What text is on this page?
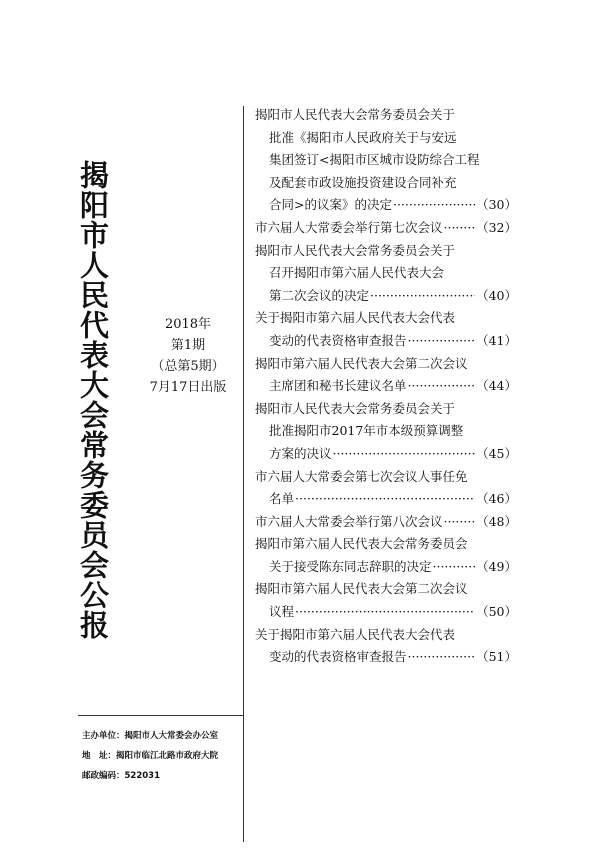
揭阳市人民代表大会常务委员会公报	2018年
第1期
（总第5期）
7月17日出版
主办单位：揭阳市人大常委会办公室
地　址：揭阳市临江北路市政府大院
邮政编码：522031
揭阳市人民代表大会常务委员会关于
批准《揭阳市人民政府关于与安远
集团签订<揭阳市区城市设防综合工程
及配套市政设施投资建设合同补充
合同>的议案》的决定 ·····	（30）
市六届人大常委会举行第七次会议 ·····	（32）
揭阳市人民代表大会常务委员会关于
召开揭阳市第六届人民代表大会
第二次会议的决定 ·····	（40）
关于揭阳市第六届人民代表大会代表
变动的代表资格审查报告 ·····	（41）
揭阳市第六届人民代表大会第二次会议
主席团和秘书长建议名单 ·····	（44）
揭阳市人民代表大会常务委员会关于
批准揭阳市2017年市本级预算调整
方案的决议 ·····	（45）
市六届人大常委会第七次会议人事任免
名单 ·····	（46）
市六届人大常委会举行第八次会议 ·····	（48）
揭阳市第六届人民代表大会常务委员会
关于接受陈东同志辞职的决定 ·····	（49）
揭阳市第六届人民代表大会第二次会议
议程 ·····	（50）
关于揭阳市第六届人民代表大会代表
变动的代表资格审查报告 ·····	（51）
